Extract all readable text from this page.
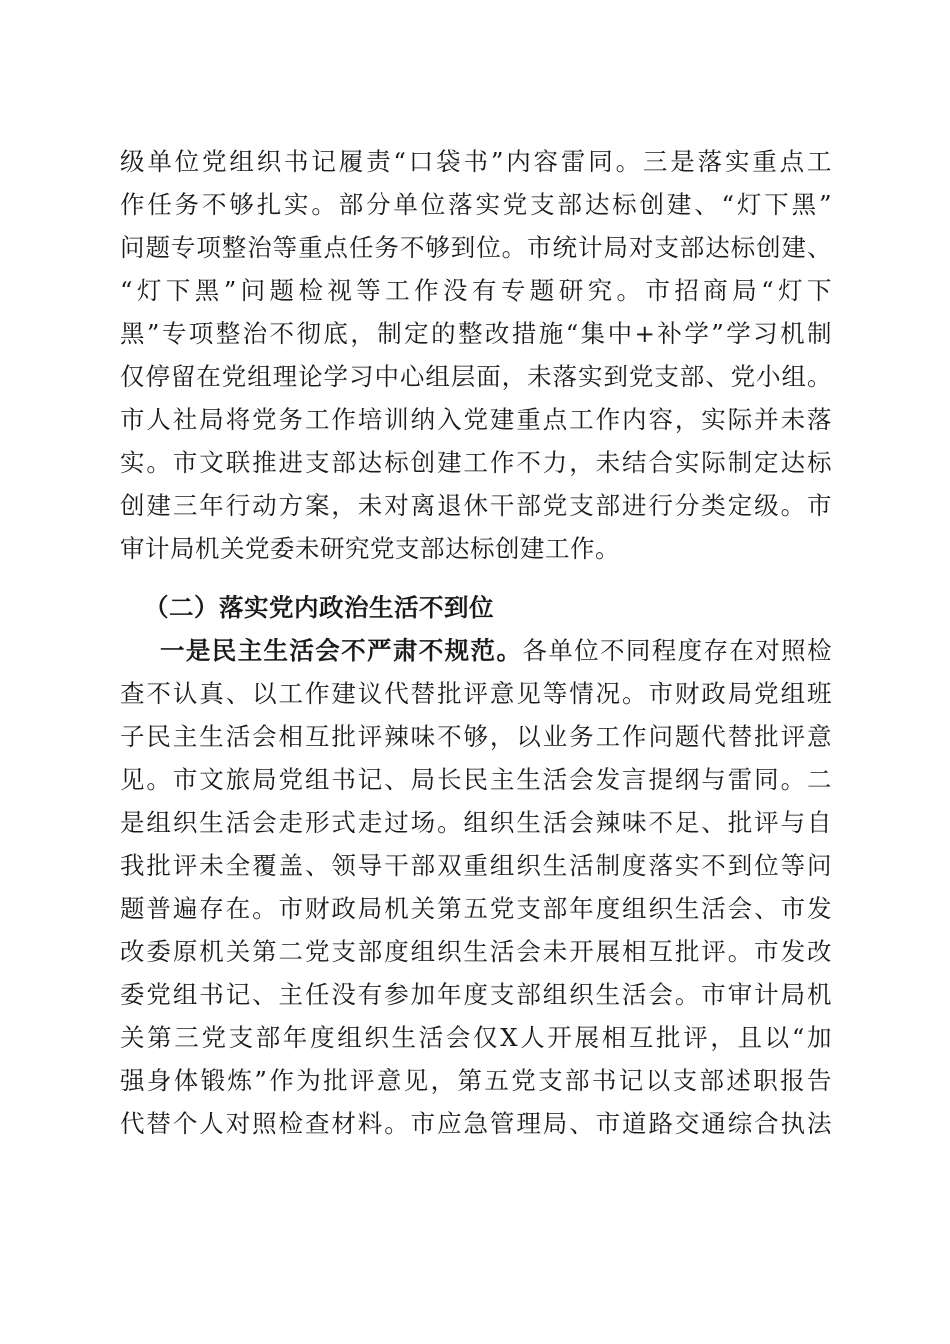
级单位党组织书记履责“口袋书”内容雷同。三是落实重点工
作任务不够扎实。部分单位落实党支部达标创建、“灯下黑”
问题专项整治等重点任务不够到位。市统计局对支部达标创建、
“灯下黑”问题检视等工作没有专题研究。市招商局“灯下
黑”专项整治不彻底，制定的整改措施“集中+补学”学习机制
仅停留在党组理论学习中心组层面，未落实到党支部、党小组。
市人社局将党务工作培训纳入党建重点工作内容，实际并未落
实。市文联推进支部达标创建工作不力，未结合实际制定达标
创建三年行动方案，未对离退休干部党支部进行分类定级。市
审计局机关党委未研究党支部达标创建工作。
（二）落实党内政治生活不到位
一是民主生活会不严肃不规范。各单位不同程度存在对照检
查不认真、以工作建议代替批评意见等情况。市财政局党组班
子民主生活会相互批评辣味不够，以业务工作问题代替批评意
见。市文旅局党组书记、局长民主生活会发言提纲与雷同。二
是组织生活会走形式走过场。组织生活会辣味不足、批评与自
我批评未全覆盖、领导干部双重组织生活制度落实不到位等问
题普遍存在。市财政局机关第五党支部年度组织生活会、市发
改委原机关第二党支部度组织生活会未开展相互批评。市发改
委党组书记、主任没有参加年度支部组织生活会。市审计局机
关第三党支部年度组织生活会仅X人开展相互批评，且以“加
强身体锻炼”作为批评意见，第五党支部书记以支部述职报告
代替个人对照检查材料。市应急管理局、市道路交通综合执法
